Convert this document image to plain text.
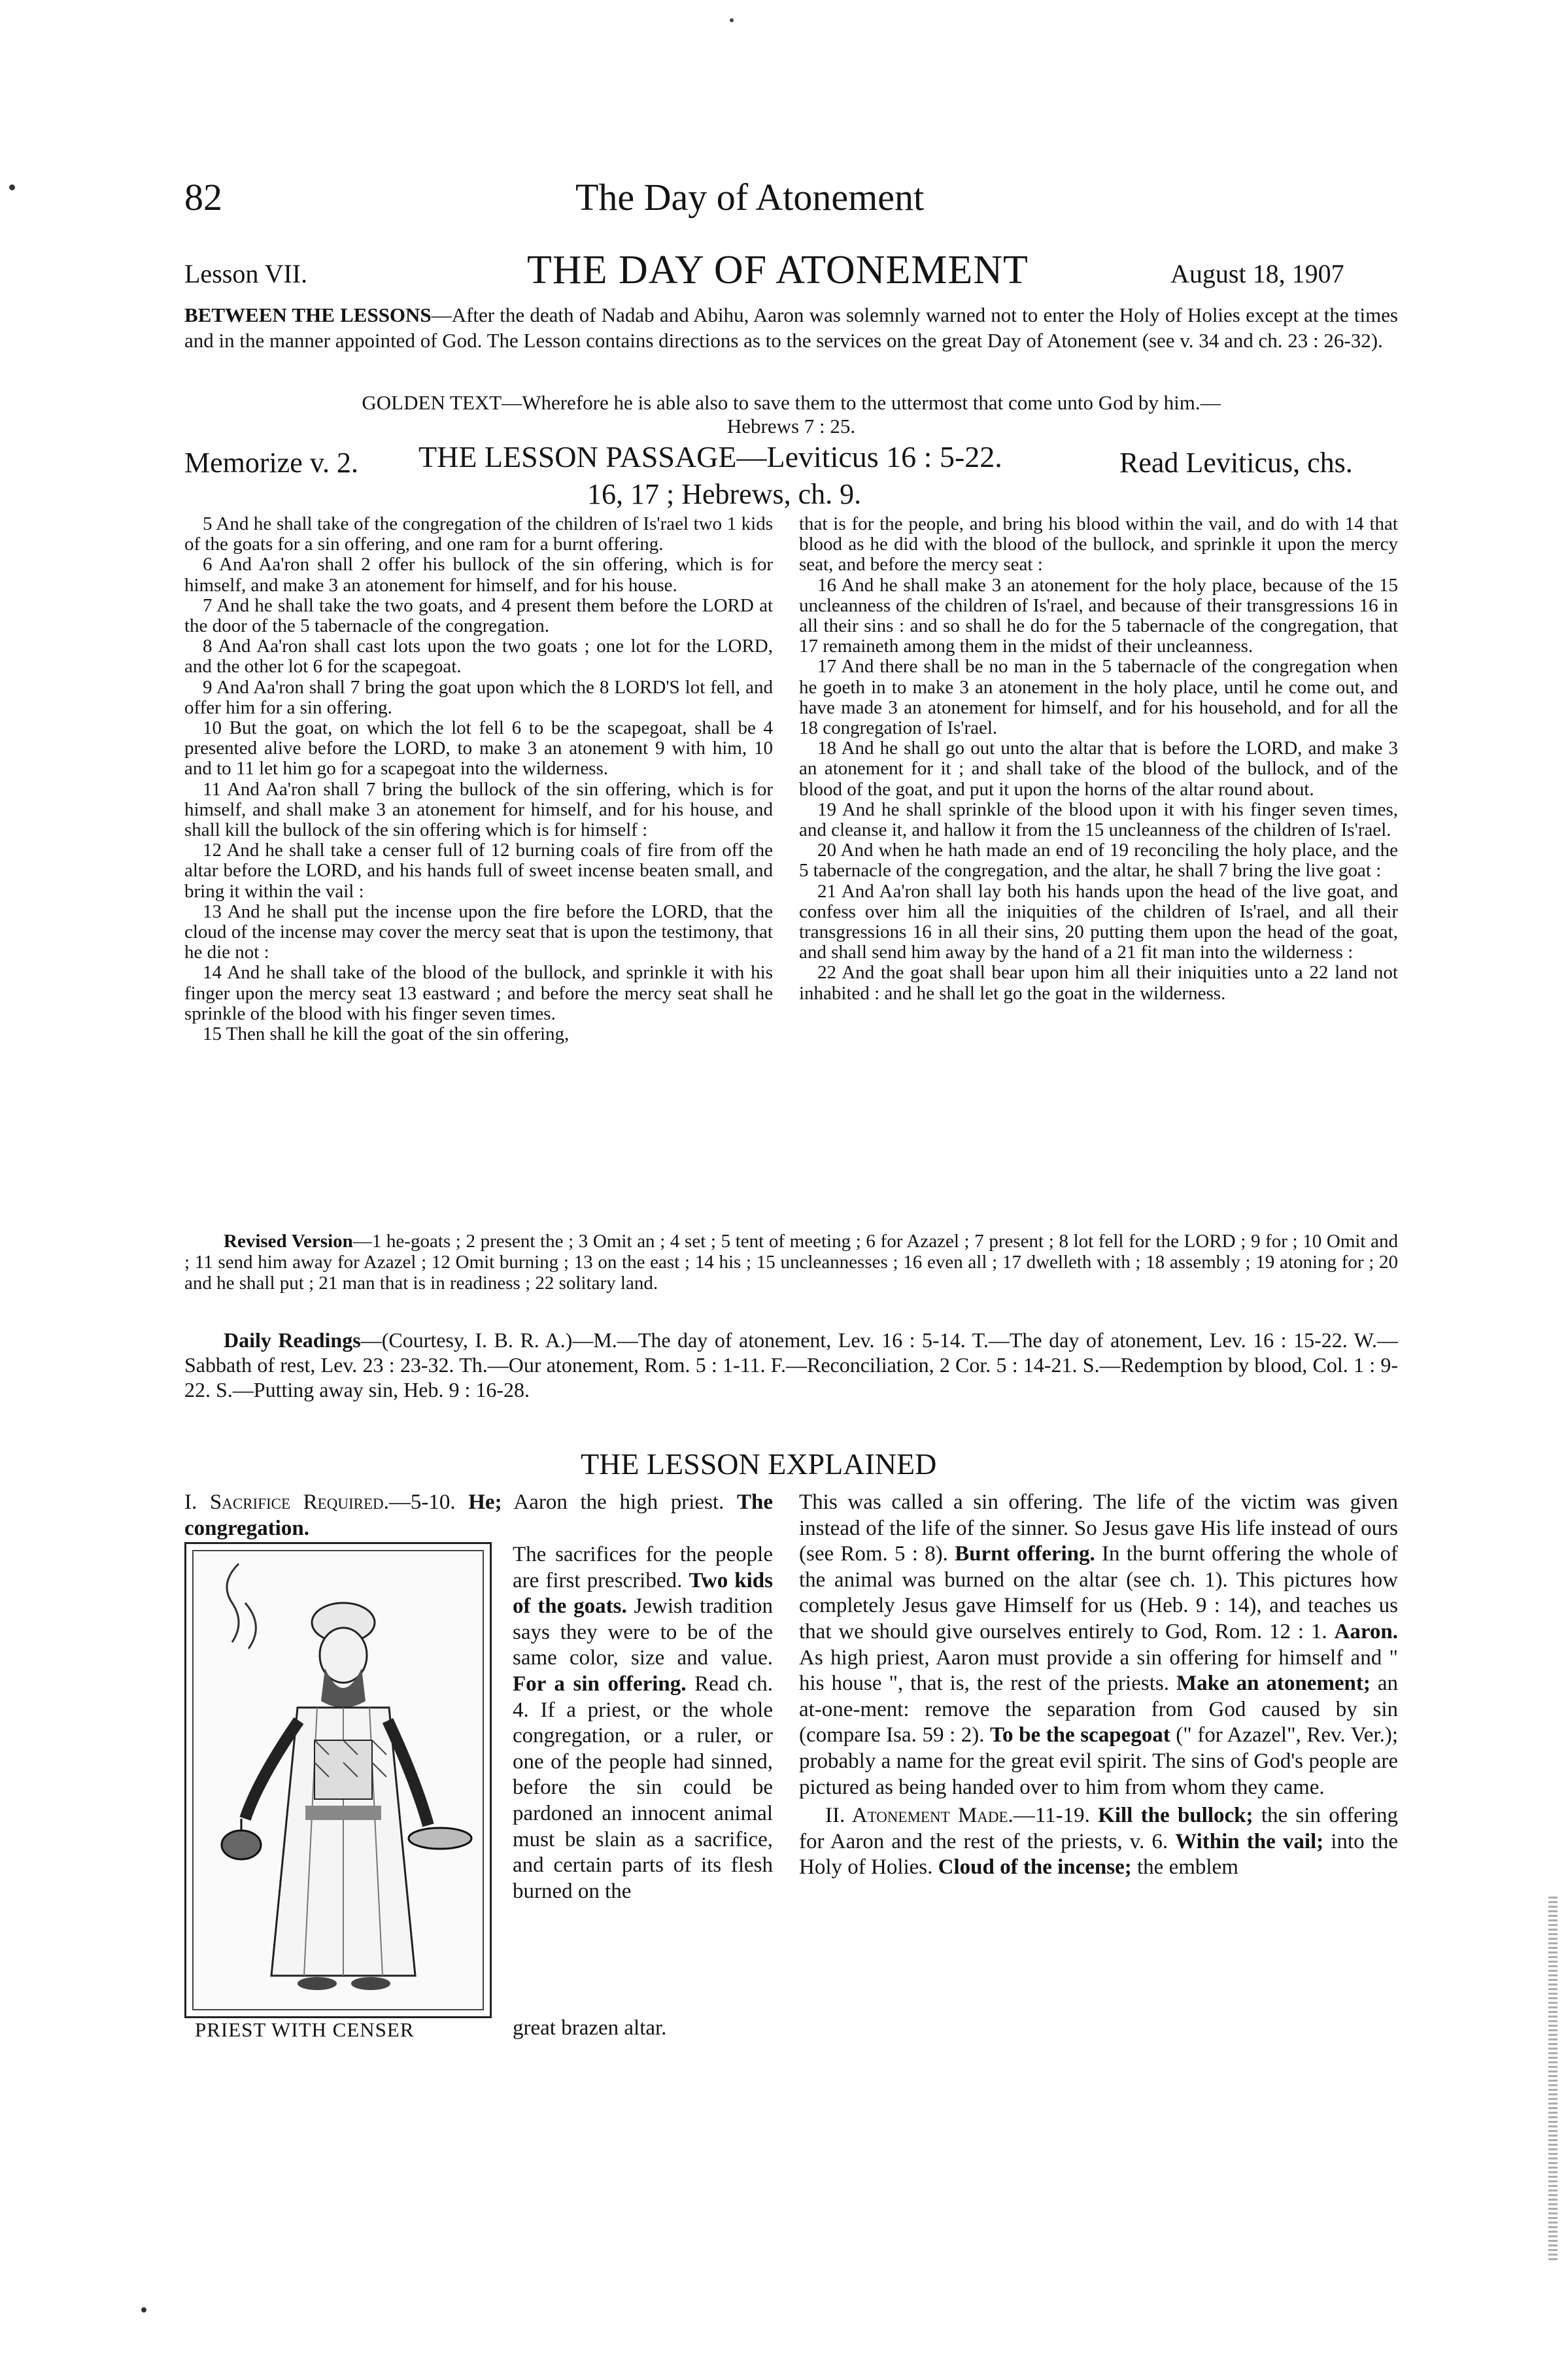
82	The Day of Atonement
Lesson VII.	THE DAY OF ATONEMENT	August 18, 1907
BETWEEN THE LESSONS—After the death of Nadab and Abihu, Aaron was solemnly warned not to enter the Holy of Holies except at the times and in the manner appointed of God. The Lesson contains directions as to the services on the great Day of Atonement (see v. 34 and ch. 23 : 26-32).
GOLDEN TEXT—Wherefore he is able also to save them to the uttermost that come unto God by him.—
Hebrews 7 : 25.
Memorize v. 2. THE LESSON PASSAGE—Leviticus 16 : 5-22.	Read Leviticus, chs.
16, 17 ; Hebrews, ch. 9.

5 And he shall take of the congregation of the children of Is'rael two 1 kids of the goats for a sin offering, and one ram for a burnt offering.

6 And Aa'ron shall 2 offer his bullock of the sin offering, which is for himself, and make 3 an atonement for himself, and for his house.

7 And he shall take the two goats, and 4 present them before the LORD at the door of the 5 tabernacle of the congregation.

8 And Aa'ron shall cast lots upon the two goats ; one lot for the LORD, and the other lot 6 for the scapegoat.

9 And Aa'ron shall 7 bring the goat upon which the 8 LORD'S lot fell, and offer him for a sin offering.

10 But the goat, on which the lot fell 6 to be the scapegoat, shall be 4 presented alive before the LORD, to make 3 an atonement 9 with him, 10 and to 11 let him go for a scapegoat into the wilderness.

11 And Aa'ron shall 7 bring the bullock of the sin offering, which is for himself, and shall make 3 an atonement for himself, and for his house, and shall kill the bullock of the sin offering which is for himself :

12 And he shall take a censer full of 12 burning coals of fire from off the altar before the LORD, and his hands full of sweet incense beaten small, and bring it within the vail :

13 And he shall put the incense upon the fire before the LORD, that the cloud of the incense may cover the mercy seat that is upon the testimony, that he die not :

14 And he shall take of the blood of the bullock, and sprinkle it with his finger upon the mercy seat 13 eastward ; and before the mercy seat shall he sprinkle of the blood with his finger seven times.

15 Then shall he kill the goat of the sin offering,

that is for the people, and bring his blood within the vail, and do with 14 that blood as he did with the blood of the bullock, and sprinkle it upon the mercy seat, and before the mercy seat :

16 And he shall make 3 an atonement for the holy place, because of the 15 uncleanness of the children of Is'rael, and because of their transgressions 16 in all their sins : and so shall he do for the 5 tabernacle of the congregation, that 17 remaineth among them in the midst of their uncleanness.

17 And there shall be no man in the 5 tabernacle of the congregation when he goeth in to make 3 an atonement in the holy place, until he come out, and have made 3 an atonement for himself, and for his household, and for all the 18 congregation of Is'rael.

18 And he shall go out unto the altar that is before the LORD, and make 3 an atonement for it ; and shall take of the blood of the bullock, and of the blood of the goat, and put it upon the horns of the altar round about.

19 And he shall sprinkle of the blood upon it with his finger seven times, and cleanse it, and hallow it from the 15 uncleanness of the children of Is'rael.

20 And when he hath made an end of 19 reconciling the holy place, and the 5 tabernacle of the congregation, and the altar, he shall 7 bring the live goat :

21 And Aa'ron shall lay both his hands upon the head of the live goat, and confess over him all the iniquities of the children of Is'rael, and all their transgressions 16 in all their sins, 20 putting them upon the head of the goat, and shall send him away by the hand of a 21 fit man into the wilderness :

22 And the goat shall bear upon him all their iniquities unto a 22 land not inhabited : and he shall let go the goat in the wilderness.

Revised Version—1 he-goats ; 2 present the ; 3 Omit an ; 4 set ; 5 tent of meeting ; 6 for Azazel ; 7 present ; 8 lot fell for the LORD ; 9 for ; 10 Omit and ; 11 send him away for Azazel ; 12 Omit burning ; 13 on the east ; 14 his ; 15 uncleannesses ; 16 even all ; 17 dwelleth with ; 18 assembly ; 19 atoning for ; 20 and he shall put ; 21 man that is in readiness ; 22 solitary land.
Daily Readings—(Courtesy, I. B. R. A.)—M.—The day of atonement, Lev. 16 : 5-14. T.—The day of atonement, Lev. 16 : 15-22. W.—Sabbath of rest, Lev. 23 : 23-32. Th.—Our atonement, Rom. 5 : 1-11. F.—Reconciliation, 2 Cor. 5 : 14-21. S.—Redemption by blood, Col. 1 : 9-22. S.—Putting away sin, Heb. 9 : 16-28.
THE LESSON EXPLAINED
I. Sacrifice Required.—5-10. He; Aaron the high priest. The congregation.
The sacrifices for the people are first prescribed. Two kids of the goats. Jewish tradition says they were to be of the same color, size and value. For a sin offering. Read ch. 4. If a priest, or the whole congregation, or a ruler, or one of the people had sinned, before the sin could be pardoned an innocent animal must be slain as a sacrifice, and certain parts of its flesh burned on the
PRIEST WITH CENSER	great brazen altar.

This was called a sin offering. The life of the victim was given instead of the life of the sinner. So Jesus gave His life instead of ours (see Rom. 5 : 8). Burnt offering. In the burnt offering the whole of the animal was burned on the altar (see ch. 1). This pictures how completely Jesus gave Himself for us (Heb. 9 : 14), and teaches us that we should give ourselves entirely to God, Rom. 12 : 1. Aaron. As high priest, Aaron must provide a sin offering for himself and " his house ", that is, the rest of the priests. Make an atonement; an at-one-ment: remove the separation from God caused by sin (compare Isa. 59 : 2). To be the scapegoat (" for Azazel", Rev. Ver.); probably a name for the great evil spirit. The sins of God's people are pictured as being handed over to him from whom they came.

II. Atonement Made.—11-19. Kill the bullock; the sin offering for Aaron and the rest of the priests, v. 6. Within the vail; into the Holy of Holies. Cloud of the incense; the emblem
